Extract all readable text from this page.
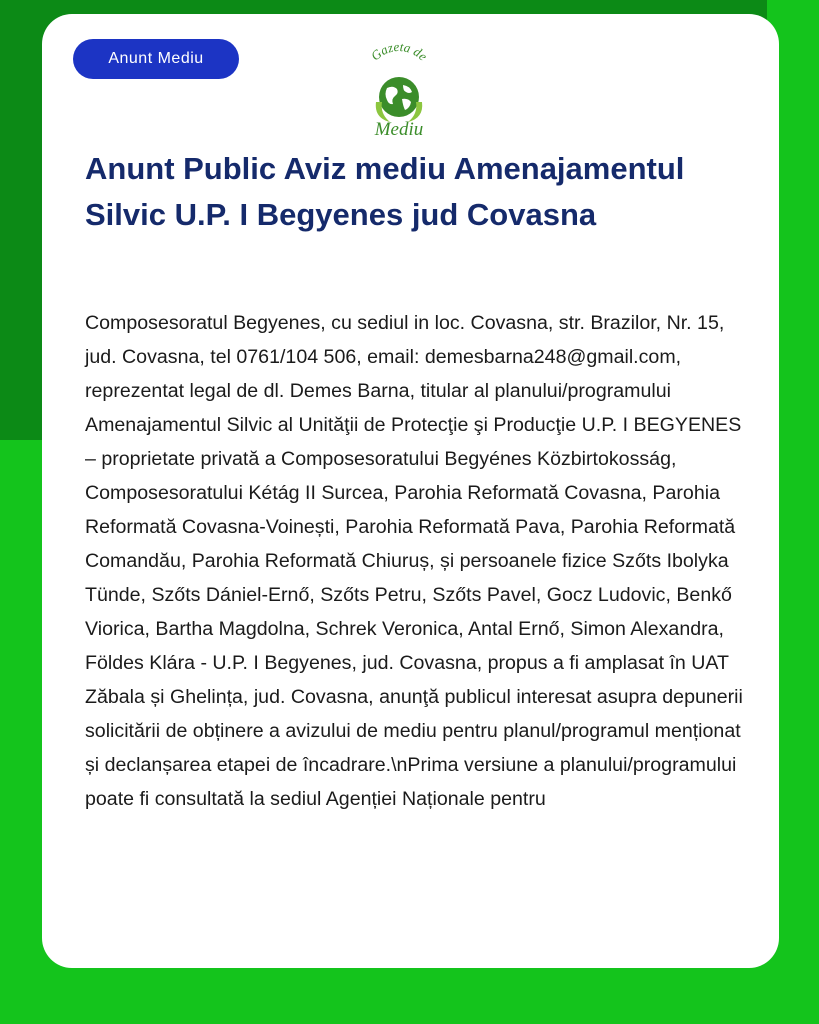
Anunt Mediu	Gazeta de
Mediu
Anunt Public Aviz mediu Amenajamentul Silvic U.P. I Begyenes jud Covasna

Composesoratul Begyenes, cu sediul in loc. Covasna, str. Brazilor, Nr. 15, jud. Covasna, tel 0761/104 506, email: demesbarna248@gmail.com, reprezentat legal de dl. Demes Barna, titular al planului/programului Amenajamentul Silvic al Unităţii de Protecţie şi Producţie U.P. I BEGYENES – proprietate privată a Composesoratului Begyénes Közbirtokosság, Composesoratului Kétág II Surcea, Parohia Reformată Covasna, Parohia Reformată Covasna-Voinești, Parohia Reformată Pava, Parohia Reformată Comandău, Parohia Reformată Chiuruș, și persoanele fizice Szőts Ibolyka Tünde, Szőts Dániel-Ernő, Szőts Petru, Szőts Pavel, Gocz Ludovic, Benkő Viorica, Bartha Magdolna, Schrek Veronica, Antal Ernő, Simon Alexandra, Földes Klára - U.P. I Begyenes, jud. Covasna, propus a fi amplasat în UAT Zăbala și Ghelința, jud. Covasna, anunţă publicul interesat asupra depunerii solicitării de obținere a avizului de mediu pentru planul/programul menționat și declanșarea etapei de încadrare.\nPrima versiune a planului/programului poate fi consultată la sediul Agenției Naționale pentru
